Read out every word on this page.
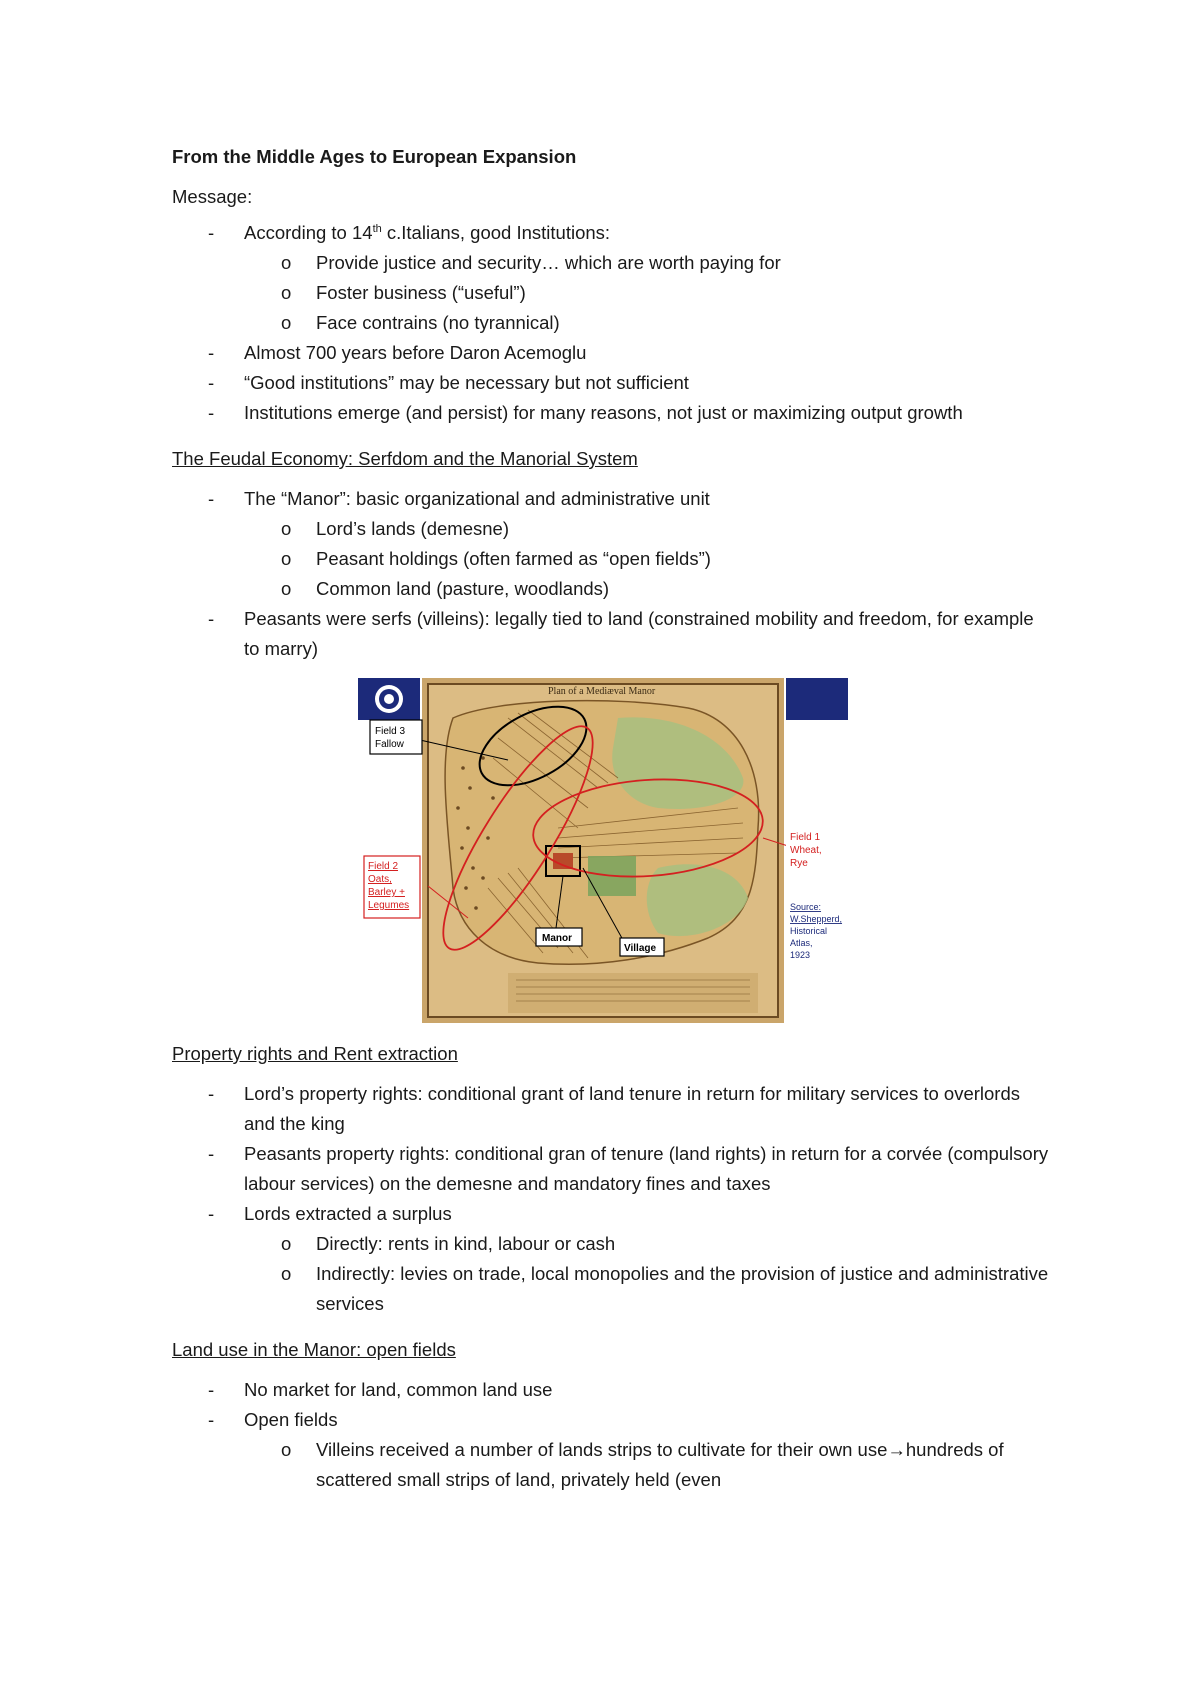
From the Middle Ages to European Expansion
Message:
-	According to 14th c.Italians, good Institutions:
o	Provide justice and security… which are worth paying for
o	Foster business (“useful”)
o	Face contrains (no tyrannical)
-	Almost 700 years before Daron Acemoglu
-	“Good institutions” may be necessary but not sufficient
-	Institutions emerge (and persist) for many reasons, not just or maximizing output growth
The Feudal Economy: Serfdom and the Manorial System
-	The “Manor”: basic organizational and administrative unit
o	Lord’s lands (demesne)
o	Peasant holdings (often farmed as “open fields”)
o	Common land (pasture, woodlands)
-	Peasants were serfs (villeins): legally tied to land (constrained mobility and freedom, for example to marry)
Plan of a Mediæval Manor
Field 3
Fallow
Field 1
Wheat,
Rye
Field 2
Oats,
Barley +
Legumes
Manor
Village
Source:
W.Shepperd,
Historical
Atlas,
1923
Property rights and Rent extraction
-	Lord’s property rights: conditional grant of land tenure in return for military services to overlords and the king
-	Peasants property rights: conditional gran of tenure (land rights) in return for a corvée (compulsory labour services) on the demesne and mandatory fines and taxes
-	Lords extracted a surplus
o	Directly: rents in kind, labour or cash
o	Indirectly: levies on trade, local monopolies and the provision of justice and administrative services
Land use in the Manor: open fields
-	No market for land, common land use
-	Open fields
o	Villeins received a number of lands strips to cultivate for their own use→hundreds of scattered small strips of land, privately held (even
